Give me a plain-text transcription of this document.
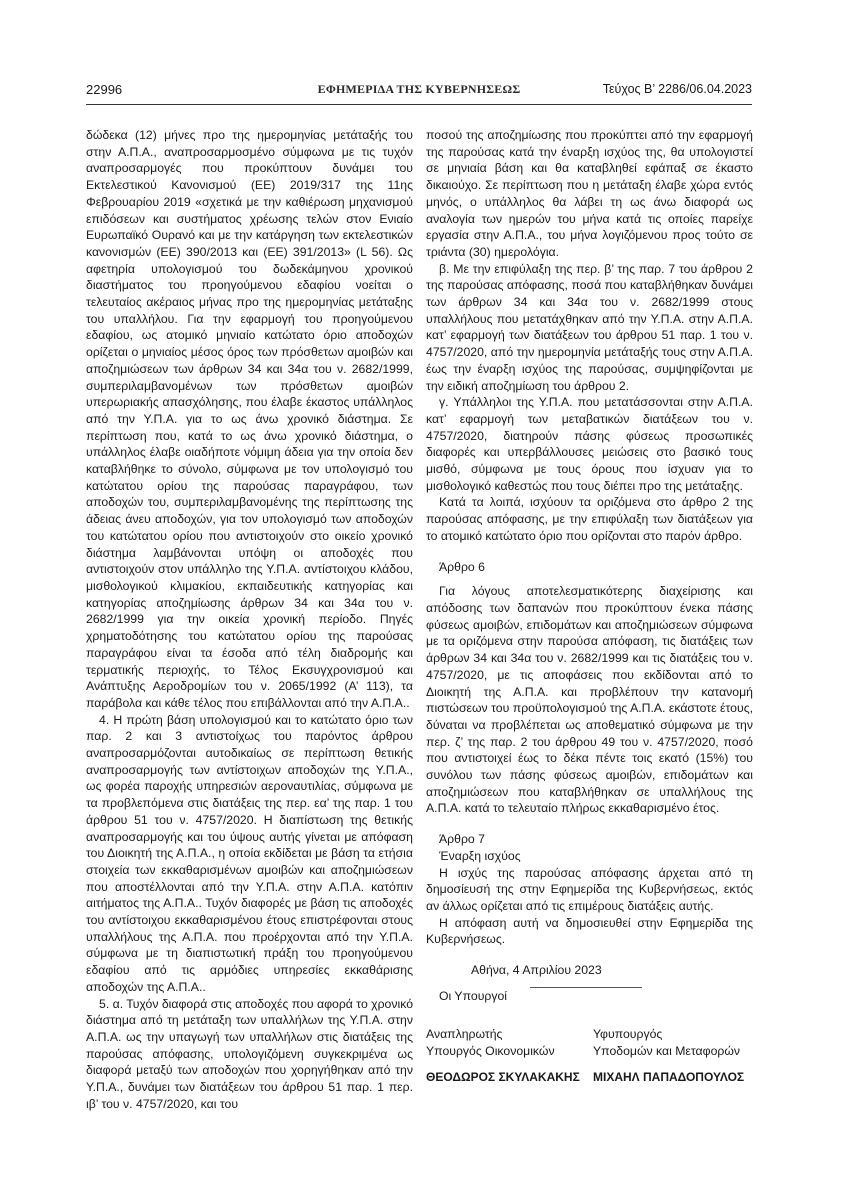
22996	ΕΦΗΜΕΡΙΔΑ ΤΗΣ ΚΥΒΕΡΝΗΣΕΩΣ	Τεύχος Β’ 2286/06.04.2023

δώδεκα (12) μήνες προ της ημερομηνίας μετάταξής του στην Α.Π.Α., αναπροσαρμοσμένο σύμφωνα με τις τυχόν αναπροσαρμογές που προκύπτουν δυνάμει του Εκτελεστικού Κανονισμού (ΕΕ) 2019/317 της 11ης Φεβρουαρίου 2019 «σχετικά με την καθιέρωση μηχανισμού επιδόσεων και συστήματος χρέωσης τελών στον Ενιαίο Ευρωπαϊκό Ουρανό και με την κατάργηση των εκτελεστικών κανονισμών (ΕΕ) 390/2013 και (ΕΕ) 391/2013» (L 56). Ως αφετηρία υπολογισμού του δωδεκάμηνου χρονικού διαστήματος του προηγούμενου εδαφίου νοείται ο τελευταίος ακέραιος μήνας προ της ημερομηνίας μετάταξης του υπαλλήλου. Για την εφαρμογή του προηγούμενου εδαφίου, ως ατομικό μηνιαίο κατώτατο όριο αποδοχών ορίζεται ο μηνιαίος μέσος όρος των πρόσθετων αμοιβών και αποζημιώσεων των άρθρων 34 και 34α του ν. 2682/1999, συμπεριλαμβανομένων των πρόσθετων αμοιβών υπερωριακής απασχόλησης, που έλαβε έκαστος υπάλληλος από την Υ.Π.Α. για το ως άνω χρονικό διάστημα. Σε περίπτωση που, κατά το ως άνω χρονικό διάστημα, ο υπάλληλος έλαβε οιαδήποτε νόμιμη άδεια για την οποία δεν καταβλήθηκε το σύνολο, σύμφωνα με τον υπολογισμό του κατώτατου ορίου της παρούσας παραγράφου, των αποδοχών του, συμπεριλαμβανομένης της περίπτωσης της άδειας άνευ αποδοχών, για τον υπολογισμό των αποδοχών του κατώτατου ορίου που αντιστοιχούν στο οικείο χρονικό διάστημα λαμβάνονται υπόψη οι αποδοχές που αντιστοιχούν στον υπάλληλο της Υ.Π.Α. αντίστοιχου κλάδου, μισθολογικού κλιμακίου, εκπαιδευτικής κατηγορίας και κατηγορίας αποζημίωσης άρθρων 34 και 34α του ν. 2682/1999 για την οικεία χρονική περίοδο. Πηγές χρηματοδότησης του κατώτατου ορίου της παρούσας παραγράφου είναι τα έσοδα από τέλη διαδρομής και τερματικής περιοχής, το Τέλος Εκσυγχρονισμού και Ανάπτυξης Αεροδρομίων του ν. 2065/1992 (Α’ 113), τα παράβολα και κάθε τέλος που επιβάλλονται από την Α.Π.Α..

4. Η πρώτη βάση υπολογισμού και το κατώτατο όριο των παρ. 2 και 3 αντιστοίχως του παρόντος άρθρου αναπροσαρμόζονται αυτοδικαίως σε περίπτωση θετικής αναπροσαρμογής των αντίστοιχων αποδοχών της Υ.Π.Α., ως φορέα παροχής υπηρεσιών αεροναυτιλίας, σύμφωνα με τα προβλεπόμενα στις διατάξεις της περ. εα’ της παρ. 1 του άρθρου 51 του ν. 4757/2020. Η διαπίστωση της θετικής αναπροσαρμογής και του ύψους αυτής γίνεται με απόφαση του Διοικητή της Α.Π.Α., η οποία εκδίδεται με βάση τα ετήσια στοιχεία των εκκαθαρισμένων αμοιβών και αποζημιώσεων που αποστέλλονται από την Υ.Π.Α. στην Α.Π.Α. κατόπιν αιτήματος της Α.Π.Α.. Τυχόν διαφορές με βάση τις αποδοχές του αντίστοιχου εκκαθαρισμένου έτους επιστρέφονται στους υπαλλήλους της Α.Π.Α. που προέρχονται από την Υ.Π.Α. σύμφωνα με τη διαπιστωτική πράξη του προηγούμενου εδαφίου από τις αρμόδιες υπηρεσίες εκκαθάρισης αποδοχών της Α.Π.Α..

5. α. Τυχόν διαφορά στις αποδοχές που αφορά το χρονικό διάστημα από τη μετάταξη των υπαλλήλων της Υ.Π.Α. στην Α.Π.Α. ως την υπαγωγή των υπαλλήλων στις διατάξεις της παρούσας απόφασης, υπολογιζόμενη συγκεκριμένα ως διαφορά μεταξύ των αποδοχών που χορηγήθηκαν από την Υ.Π.Α., δυνάμει των διατάξεων του άρθρου 51 παρ. 1 περ. ιβ’ του ν. 4757/2020, και του

ποσού της αποζημίωσης που προκύπτει από την εφαρμογή της παρούσας κατά την έναρξη ισχύος της, θα υπολογιστεί σε μηνιαία βάση και θα καταβληθεί εφάπαξ σε έκαστο δικαιούχο. Σε περίπτωση που η μετάταξη έλαβε χώρα εντός μηνός, ο υπάλληλος θα λάβει τη ως άνω διαφορά ως αναλογία των ημερών του μήνα κατά τις οποίες παρείχε εργασία στην Α.Π.Α., του μήνα λογιζόμενου προς τούτο σε τριάντα (30) ημερολόγια.

β. Με την επιφύλαξη της περ. β’ της παρ. 7 του άρθρου 2 της παρούσας απόφασης, ποσά που καταβλήθηκαν δυνάμει των άρθρων 34 και 34α του ν. 2682/1999 στους υπαλλήλους που μετατάχθηκαν από την Υ.Π.Α. στην Α.Π.Α. κατ’ εφαρμογή των διατάξεων του άρθρου 51 παρ. 1 του ν. 4757/2020, από την ημερομηνία μετάταξής τους στην Α.Π.Α. έως την έναρξη ισχύος της παρούσας, συμψηφίζονται με την ειδική αποζημίωση του άρθρου 2.

γ. Υπάλληλοι της Υ.Π.Α. που μετατάσσονται στην Α.Π.Α. κατ’ εφαρμογή των μεταβατικών διατάξεων του ν. 4757/2020, διατηρούν πάσης φύσεως προσωπικές διαφορές και υπερβάλλουσες μειώσεις στο βασικό τους μισθό, σύμφωνα με τους όρους που ίσχυαν για το μισθολογικό καθεστώς που τους διέπει προ της μετάταξης.

Κατά τα λοιπά, ισχύουν τα οριζόμενα στο άρθρο 2 της παρούσας απόφασης, με την επιφύλαξη των διατάξεων για το ατομικό κατώτατο όριο που ορίζονται στο παρόν άρθρο.

Άρθρο 6

Για λόγους αποτελεσματικότερης διαχείρισης και απόδοσης των δαπανών που προκύπτουν ένεκα πάσης φύσεως αμοιβών, επιδομάτων και αποζημιώσεων σύμφωνα με τα οριζόμενα στην παρούσα απόφαση, τις διατάξεις των άρθρων 34 και 34α του ν. 2682/1999 και τις διατάξεις του ν. 4757/2020, με τις αποφάσεις που εκδίδονται από το Διοικητή της Α.Π.Α. και προβλέπουν την κατανομή πιστώσεων του προϋπολογισμού της Α.Π.Α. εκάστοτε έτους, δύναται να προβλέπεται ως αποθεματικό σύμφωνα με την περ. ζ’ της παρ. 2 του άρθρου 49 του ν. 4757/2020, ποσό που αντιστοιχεί έως το δέκα πέντε τοις εκατό (15%) του συνόλου των πάσης φύσεως αμοιβών, επιδομάτων και αποζημιώσεων που καταβλήθηκαν σε υπαλλήλους της Α.Π.Α. κατά το τελευταίο πλήρως εκκαθαρισμένο έτος.

Άρθρο 7

Έναρξη ισχύος

Η ισχύς της παρούσας απόφασης άρχεται από τη δημοσίευσή της στην Εφημερίδα της Κυβερνήσεως, εκτός αν άλλως ορίζεται από τις επιμέρους διατάξεις αυτής.

Η απόφαση αυτή να δημοσιευθεί στην Εφημερίδα της Κυβερνήσεως.

Αθήνα, 4 Απριλίου 2023

Οι Υπουργοί

Αναπληρωτής
Υπουργός Οικονομικών
ΘΕΟΔΩΡΟΣ ΣΚΥΛΑΚΑΚΗΣ
Υφυπουργός
Υποδομών και Μεταφορών
ΜΙΧΑΗΛ ΠΑΠΑΔΟΠΟΥΛΟΣ
